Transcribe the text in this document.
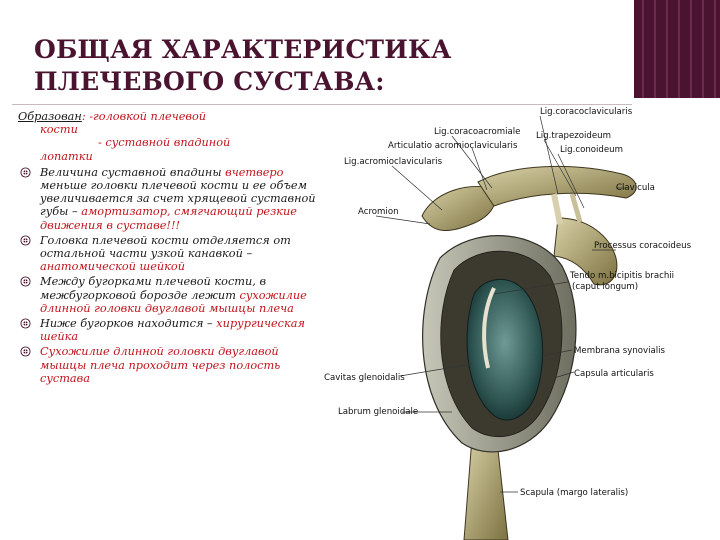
ОБЩАЯ ХАРАКТЕРИСТИКА
ПЛЕЧЕВОГО СУСТАВА:

Образован: -головкой плечевой
кости
- суставной впадиной
лопатки

Величина суставной впадины вчетверо меньше головки плечевой кости и ее объем увеличивается за счет хрящевой суставной губы – амортизатор, смягчающий резкие движения в суставе!!!
Головка плечевой кости отделяется от остальной части узкой канавкой – анатомической шейкой
Между бугорками плечевой кости, в межбугорковой борозде лежит сухожилие длинной головки двуглавой мышцы плеча
Ниже бугорков находится – хирургическая шейка
Сухожилие длинной головки двуглавой мышцы плеча проходит через полость сустава
Lig.coracoclavicularis
Lig.coracoacromiale
Articulatio acromioclavicularis
Lig.trapezoideum
Lig.conoideum
Lig.acromioclavicularis
Clavicula
Acromion
Processus coracoideus
Tendo m.bicipitis brachii
(caput longum)
Membrana synovialis
Cavitas glenoidalis	Capsula articularis
Labrum glenoidale
Scapula (margo lateralis)
